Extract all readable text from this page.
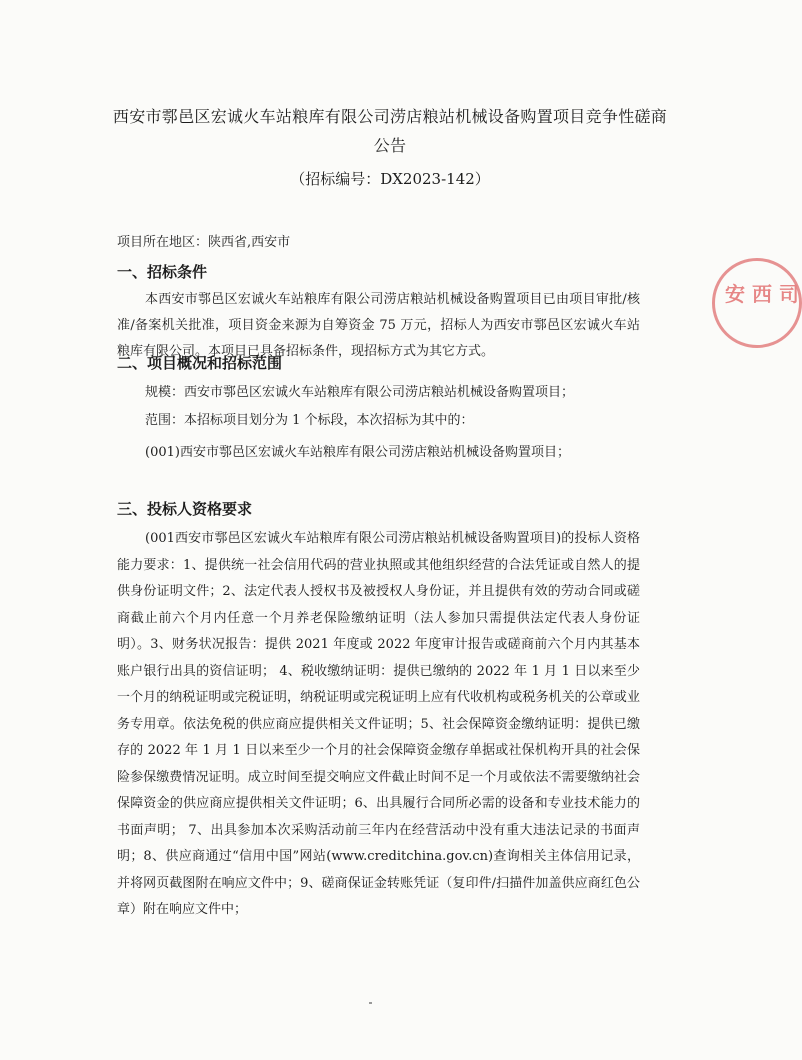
西安市鄠邑区宏诚火车站粮库有限公司涝店粮站机械设备购置项目竞争性磋商
公告
（招标编号：DX2023-142）
项目所在地区：陕西省,西安市
一、招标条件
本西安市鄠邑区宏诚火车站粮库有限公司涝店粮站机械设备购置项目已由项目审批/核准/备案机关批准，项目资金来源为自筹资金 75 万元，招标人为西安市鄠邑区宏诚火车站粮库有限公司。本项目已具备招标条件，现招标方式为其它方式。
二、项目概况和招标范围
规模：西安市鄠邑区宏诚火车站粮库有限公司涝店粮站机械设备购置项目；
范围：本招标项目划分为 1 个标段，本次招标为其中的：
(001)西安市鄠邑区宏诚火车站粮库有限公司涝店粮站机械设备购置项目；
三、投标人资格要求
(001西安市鄠邑区宏诚火车站粮库有限公司涝店粮站机械设备购置项目)的投标人资格能力要求：1、提供统一社会信用代码的营业执照或其他组织经营的合法凭证或自然人的提供身份证明文件；2、法定代表人授权书及被授权人身份证，并且提供有效的劳动合同或磋商截止前六个月内任意一个月养老保险缴纳证明（法人参加只需提供法定代表人身份证明）。3、财务状况报告：提供 2021 年度或 2022 年度审计报告或磋商前六个月内其基本账户银行出具的资信证明； 4、税收缴纳证明：提供已缴纳的 2022 年 1 月 1 日以来至少一个月的纳税证明或完税证明，纳税证明或完税证明上应有代收机构或税务机关的公章或业务专用章。依法免税的供应商应提供相关文件证明；5、社会保障资金缴纳证明：提供已缴存的 2022 年 1 月 1 日以来至少一个月的社会保障资金缴存单据或社保机构开具的社会保险参保缴费情况证明。成立时间至提交响应文件截止时间不足一个月或依法不需要缴纳社会保障资金的供应商应提供相关文件证明；6、出具履行合同所必需的设备和专业技术能力的书面声明； 7、出具参加本次采购活动前三年内在经营活动中没有重大违法记录的书面声明；8、供应商通过“信用中国”网站(www.creditchina.gov.cn)查询相关主体信用记录，并将网页截图附在响应文件中；9、磋商保证金转账凭证（复印件/扫描件加盖供应商红色公章）附在响应文件中；
安 西 司
